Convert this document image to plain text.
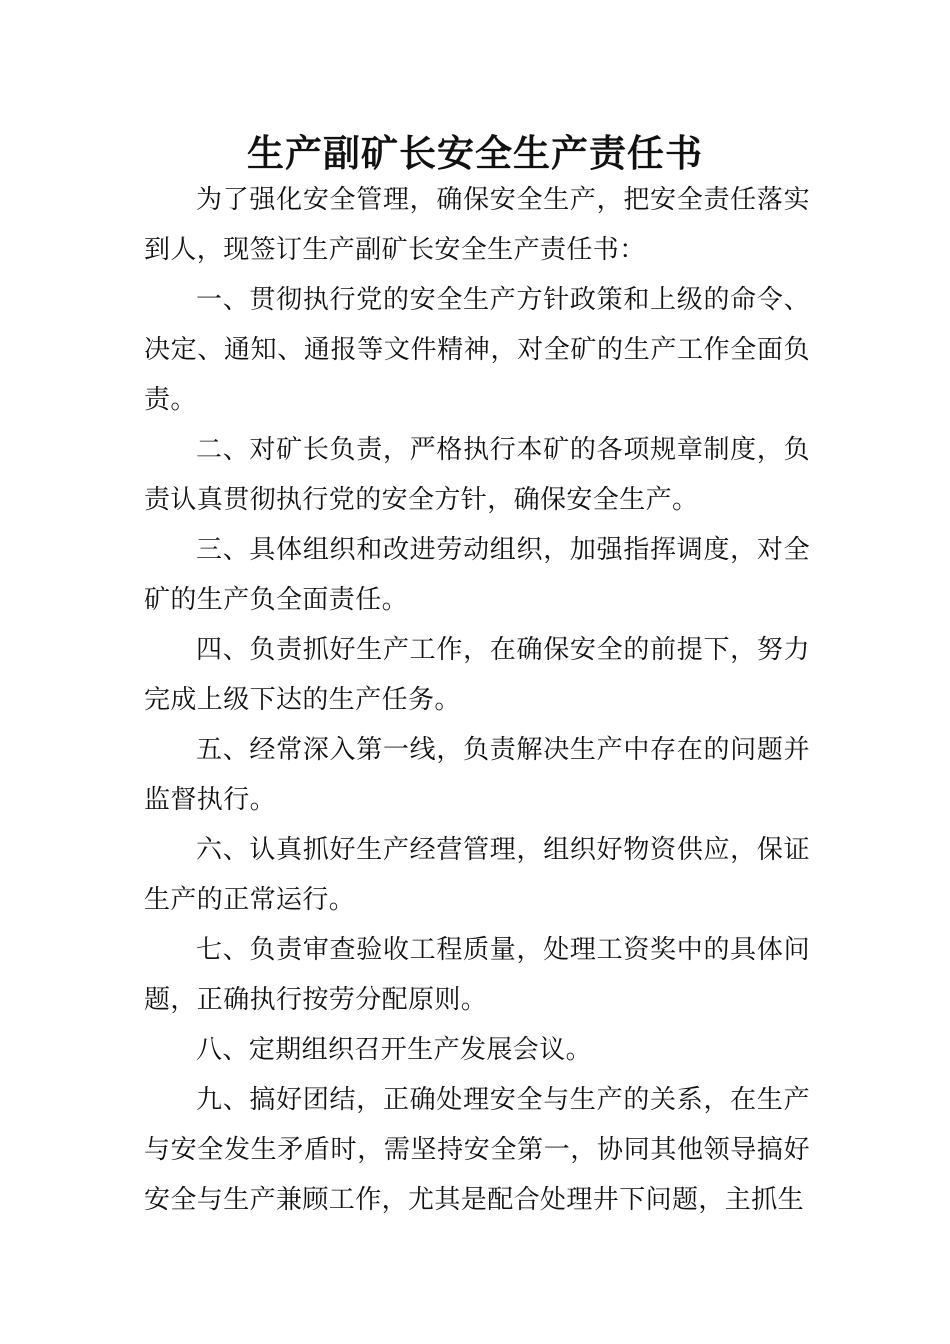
生产副矿长安全生产责任书

为了强化安全管理，确保安全生产，把安全责任落实到人，现签订生产副矿长安全生产责任书：

一、贯彻执行党的安全生产方针政策和上级的命令、决定、通知、通报等文件精神，对全矿的生产工作全面负责。

二、对矿长负责，严格执行本矿的各项规章制度，负责认真贯彻执行党的安全方针，确保安全生产。

三、具体组织和改进劳动组织，加强指挥调度，对全矿的生产负全面责任。

四、负责抓好生产工作，在确保安全的前提下，努力完成上级下达的生产任务。

五、经常深入第一线，负责解决生产中存在的问题并监督执行。

六、认真抓好生产经营管理，组织好物资供应，保证生产的正常运行。

七、负责审查验收工程质量，处理工资奖中的具体问题，正确执行按劳分配原则。

八、定期组织召开生产发展会议。

九、搞好团结，正确处理安全与生产的关系，在生产与安全发生矛盾时，需坚持安全第一，协同其他领导搞好安全与生产兼顾工作，尤其是配合处理井下问题，主抓生
